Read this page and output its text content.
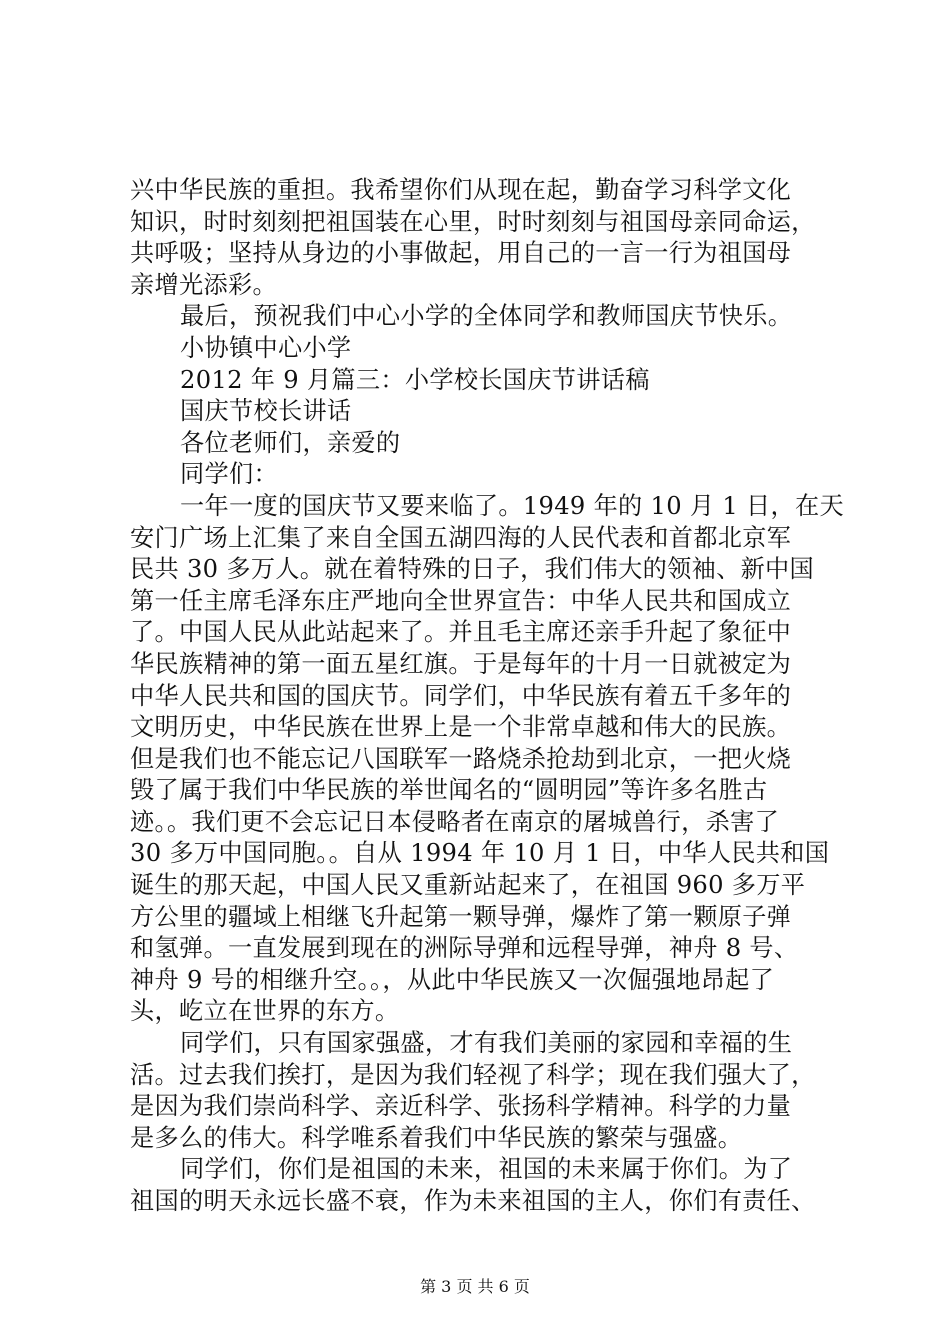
兴中华民族的重担。我希望你们从现在起，勤奋学习科学文化
知识，时时刻刻把祖国装在心里，时时刻刻与祖国母亲同命运，
共呼吸；坚持从身边的小事做起，用自己的一言一行为祖国母
亲增光添彩。
最后，预祝我们中心小学的全体同学和教师国庆节快乐。
小协镇中心小学
2012 年 9 月篇三：小学校长国庆节讲话稿
国庆节校长讲话
各位老师们，亲爱的
同学们：
一年一度的国庆节又要来临了。1949 年的 10 月 1 日，在天
安门广场上汇集了来自全国五湖四海的人民代表和首都北京军
民共 30 多万人。就在着特殊的日子，我们伟大的领袖、新中国
第一任主席毛泽东庄严地向全世界宣告：中华人民共和国成立
了。中国人民从此站起来了。并且毛主席还亲手升起了象征中
华民族精神的第一面五星红旗。于是每年的十月一日就被定为
中华人民共和国的国庆节。同学们，中华民族有着五千多年的
文明历史，中华民族在世界上是一个非常卓越和伟大的民族。
但是我们也不能忘记八国联军一路烧杀抢劫到北京，一把火烧
毁了属于我们中华民族的举世闻名的“圆明园”等许多名胜古
迹。。我们更不会忘记日本侵略者在南京的屠城兽行，杀害了
30 多万中国同胞。。自从 1994 年 10 月 1 日，中华人民共和国
诞生的那天起，中国人民又重新站起来了，在祖国 960 多万平
方公里的疆域上相继飞升起第一颗导弹，爆炸了第一颗原子弹
和氢弹。一直发展到现在的洲际导弹和远程导弹，神舟 8 号、
神舟 9 号的相继升空。。，从此中华民族又一次倔强地昂起了
头，屹立在世界的东方。
同学们，只有国家强盛，才有我们美丽的家园和幸福的生
活。过去我们挨打，是因为我们轻视了科学；现在我们强大了，
是因为我们崇尚科学、亲近科学、张扬科学精神。科学的力量
是多么的伟大。科学唯系着我们中华民族的繁荣与强盛。
同学们，你们是祖国的未来，祖国的未来属于你们。为了
祖国的明天永远长盛不衰，作为未来祖国的主人，你们有责任、
第 3 页 共 6 页
